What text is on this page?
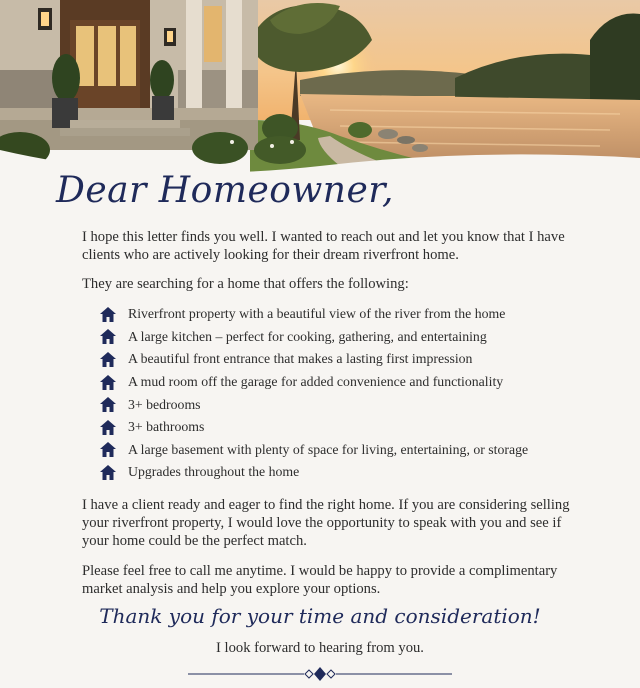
Dear Homeowner,

I hope this letter finds you well. I wanted to reach out and let you know that I have clients who are actively looking for their dream riverfront home.

They are searching for a home that offers the following:

Riverfront property with a beautiful view of the river from the home
A large kitchen – perfect for cooking, gathering, and entertaining
A beautiful front entrance that makes a lasting first impression
A mud room off the garage for added convenience and functionality
3+ bedrooms
3+ bathrooms
A large basement with plenty of space for living, entertaining, or storage
Upgrades throughout the home

I have a client ready and eager to find the right home. If you are considering selling your riverfront property, I would love the opportunity to speak with you and see if your home could be the perfect match.

Please feel free to call me anytime. I would be happy to provide a complimentary market analysis and help you explore your options.

Thank you for your time and consideration!
I look forward to hearing from you.
